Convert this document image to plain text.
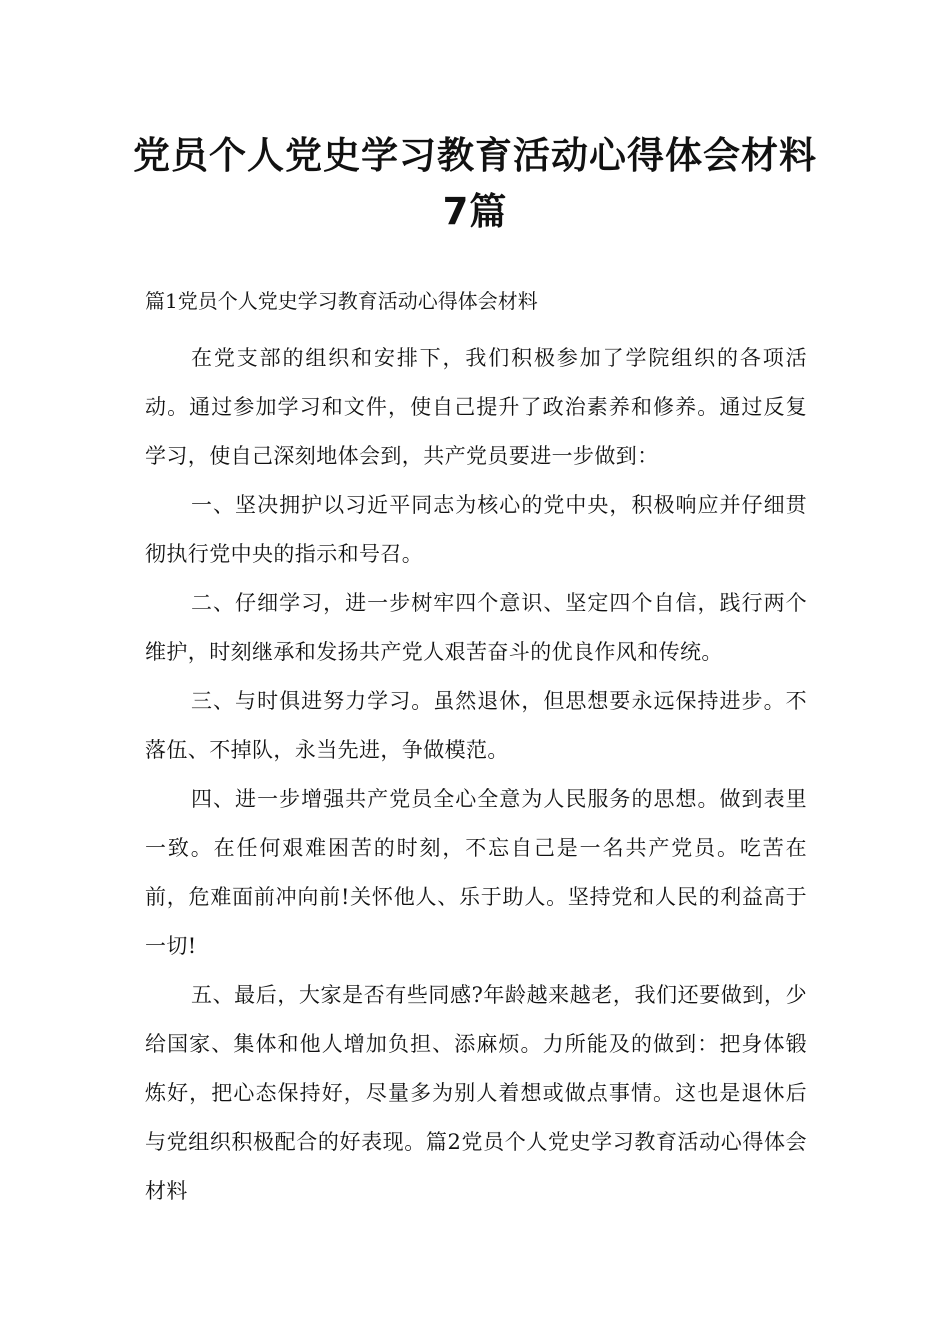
党员个人党史学习教育活动心得体会材料7篇

篇1党员个人党史学习教育活动心得体会材料

在党支部的组织和安排下，我们积极参加了学院组织的各项活动。通过参加学习和文件，使自己提升了政治素养和修养。通过反复学习，使自己深刻地体会到，共产党员要进一步做到：

一、坚决拥护以习近平同志为核心的党中央，积极响应并仔细贯彻执行党中央的指示和号召。

二、仔细学习，进一步树牢四个意识、坚定四个自信，践行两个维护，时刻继承和发扬共产党人艰苦奋斗的优良作风和传统。

三、与时俱进努力学习。虽然退休，但思想要永远保持进步。不落伍、不掉队，永当先进，争做模范。

四、进一步增强共产党员全心全意为人民服务的思想。做到表里一致。在任何艰难困苦的时刻，不忘自己是一名共产党员。吃苦在前，危难面前冲向前!关怀他人、乐于助人。坚持党和人民的利益高于一切!

五、最后，大家是否有些同感?年龄越来越老，我们还要做到，少给国家、集体和他人增加负担、添麻烦。力所能及的做到：把身体锻炼好，把心态保持好，尽量多为别人着想或做点事情。这也是退休后与党组织积极配合的好表现。篇2党员个人党史学习教育活动心得体会材料
